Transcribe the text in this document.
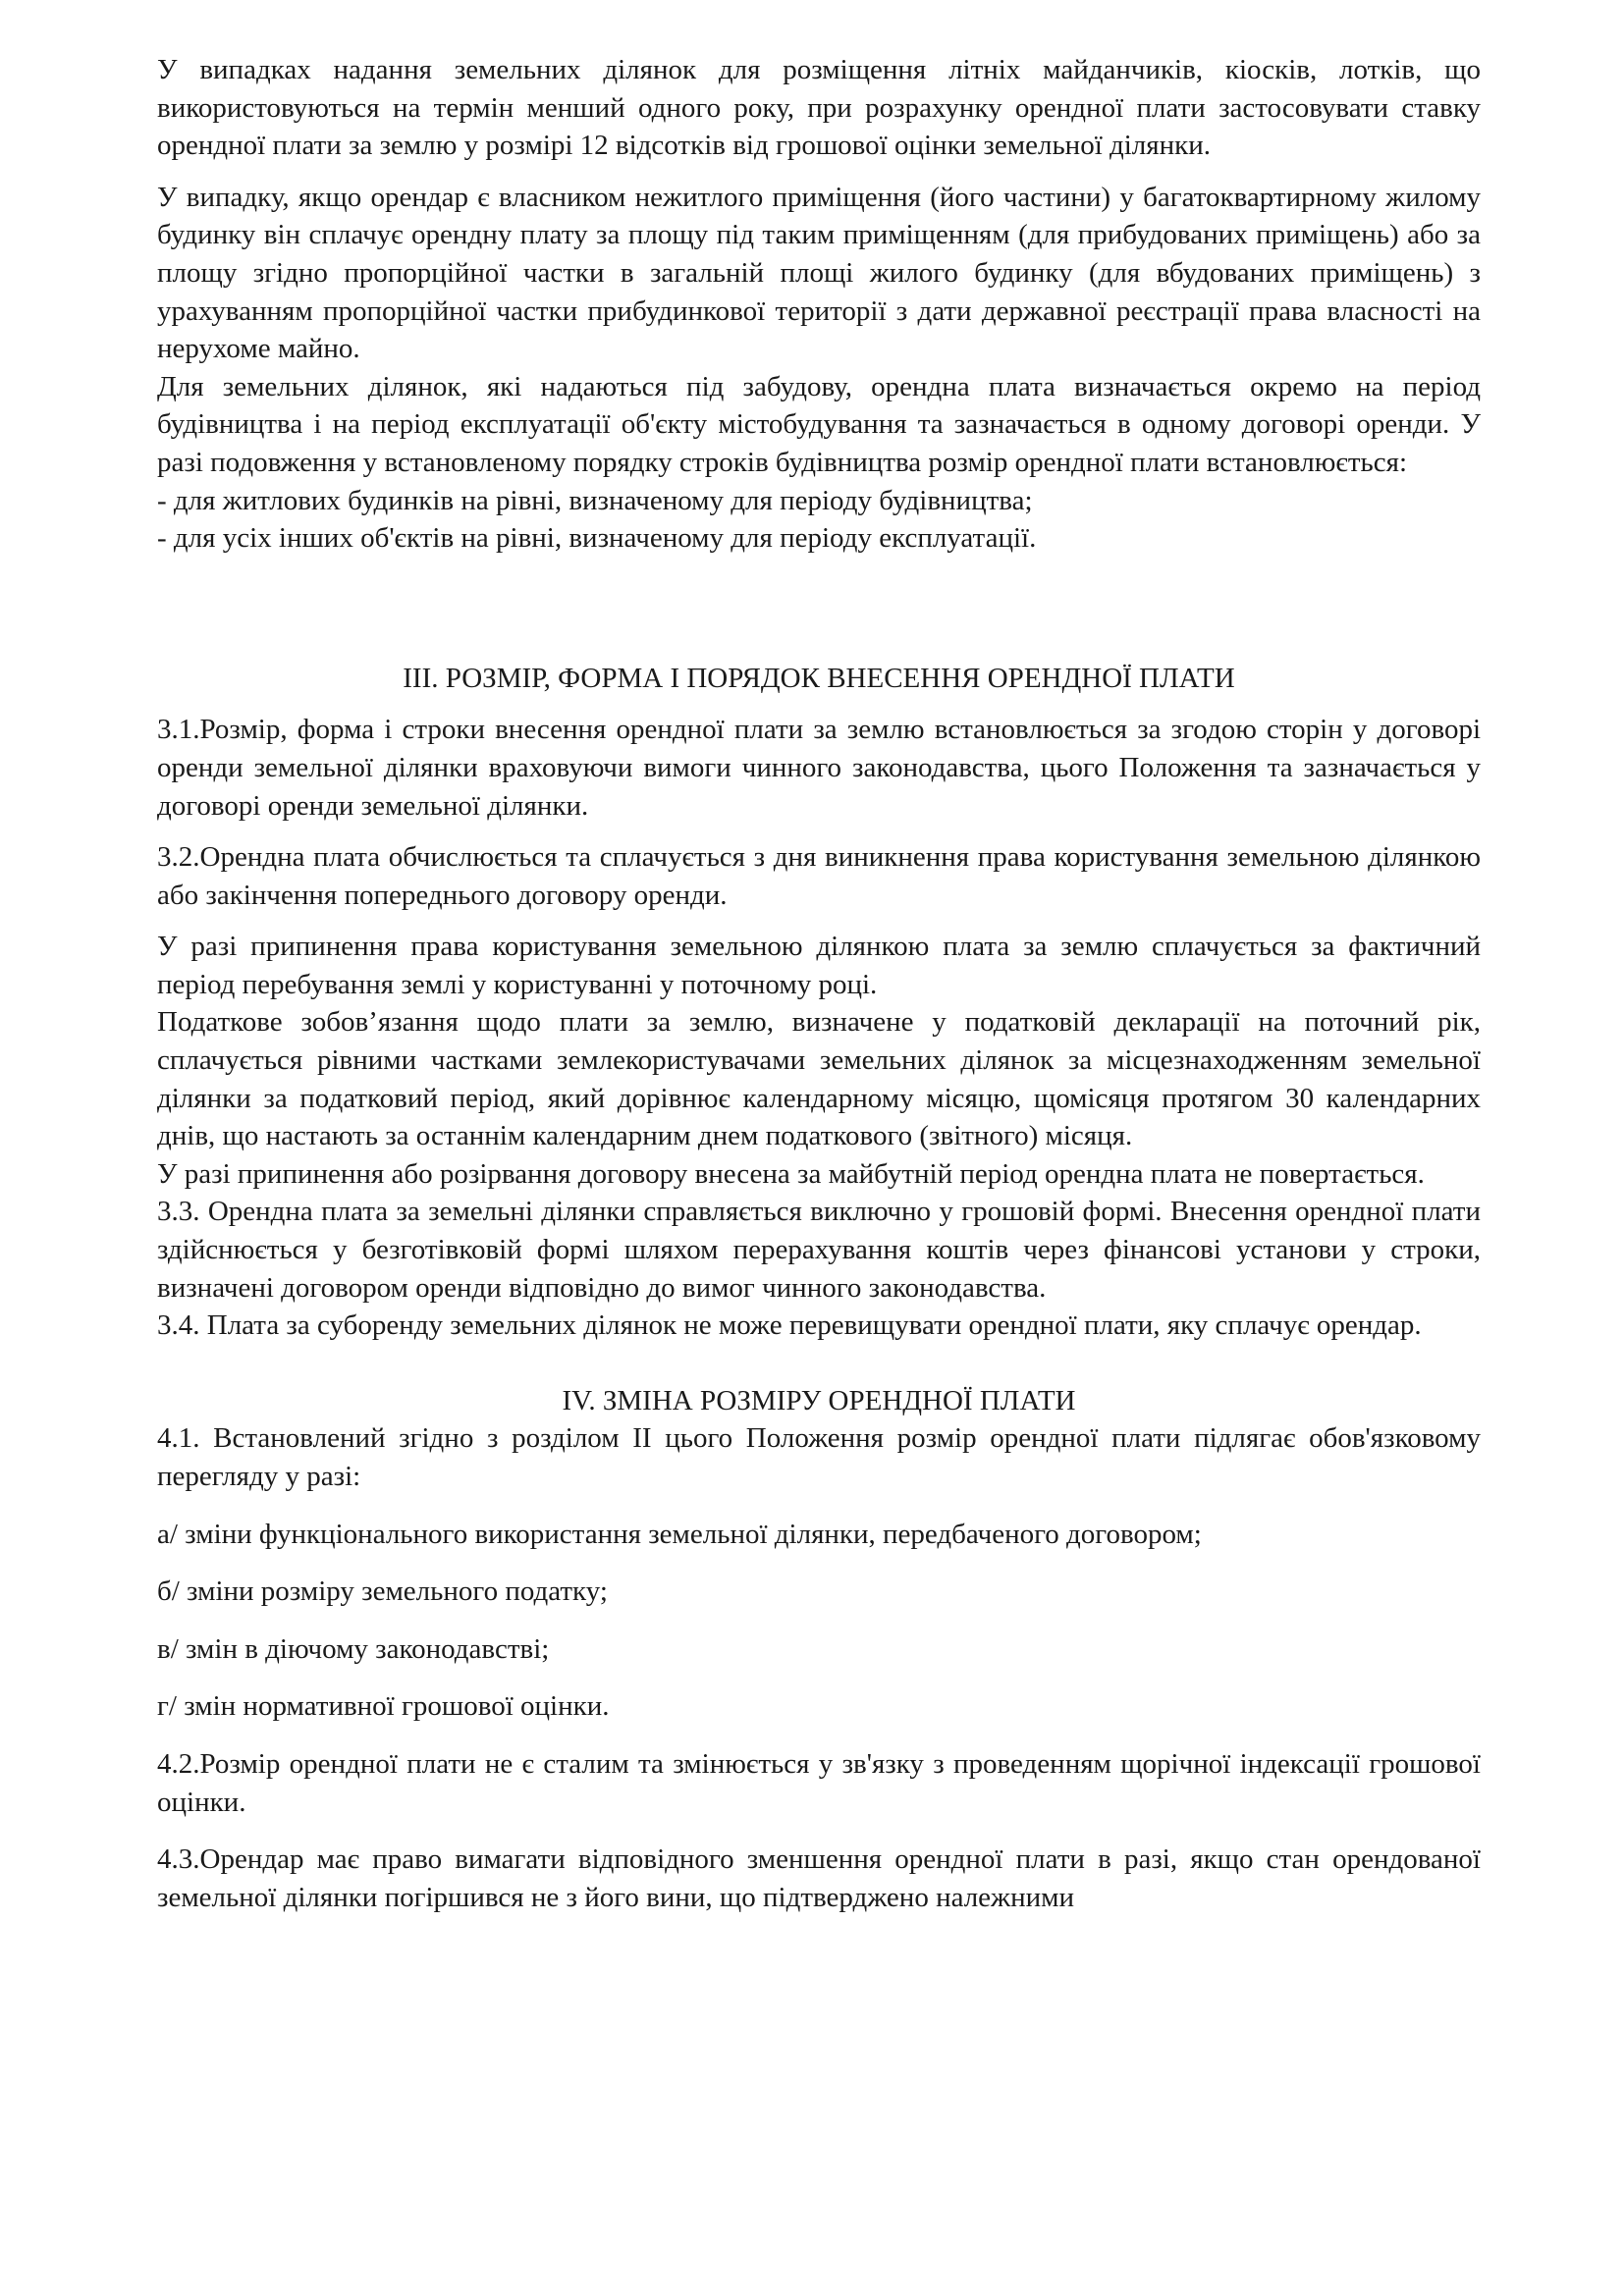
У випадках надання земельних ділянок для розміщення літніх майданчиків, кіосків, лотків, що використовуються на термін менший одного року, при розрахунку орендної плати застосовувати ставку орендної плати за землю у розмірі 12 відсотків від грошової оцінки земельної ділянки.

У випадку, якщо орендар є власником нежитлого приміщення (його частини) у багатоквартирному жилому будинку він сплачує орендну плату за площу під таким приміщенням (для прибудованих приміщень) або за площу згідно пропорційної частки в загальній площі жилого будинку (для вбудованих приміщень) з урахуванням пропорційної частки прибудинкової території з дати державної реєстрації права власності на нерухоме майно.

Для земельних ділянок, які надаються під забудову, орендна плата визначається окремо на період будівництва і на період експлуатації об'єкту містобудування та зазначається в одному договорі оренди. У разі подовження у встановленому порядку строків будівництва розмір орендної плати встановлюється:

- для житлових будинків на рівні, визначеному для періоду будівництва;

- для усіх інших об'єктів на рівні, визначеному для періоду експлуатації.

ІІІ. РОЗМІР, ФОРМА І ПОРЯДОК ВНЕСЕННЯ ОРЕНДНОЇ ПЛАТИ

3.1.Розмір, форма і строки внесення орендної плати за землю встановлюється за згодою сторін у договорі оренди земельної ділянки враховуючи вимоги чинного законодавства, цього Положення та зазначається у договорі оренди земельної ділянки.

3.2.Орендна плата обчислюється та сплачується з дня виникнення права користування земельною ділянкою або закінчення попереднього договору оренди.

У разі припинення права користування земельною ділянкою плата за землю сплачується за фактичний період перебування землі у користуванні у поточному році.

Податкове зобов’язання щодо плати за землю, визначене у податковій декларації на поточний рік, сплачується рівними частками землекористувачами земельних ділянок за місцезнаходженням земельної ділянки за податковий період, який дорівнює календарному місяцю, щомісяця протягом 30 календарних днів, що настають за останнім календарним днем податкового (звітного) місяця.

У разі припинення або розірвання договору внесена за майбутній період орендна плата не повертається.

3.3. Орендна плата за земельні ділянки справляється виключно у грошовій формі. Внесення орендної плати здійснюється у безготівковій формі шляхом перерахування коштів через фінансові установи у строки, визначені договором оренди відповідно до вимог чинного законодавства.

3.4. Плата за суборенду земельних ділянок не може перевищувати орендної плати, яку сплачує орендар.

IV. ЗМІНА РОЗМІРУ ОРЕНДНОЇ ПЛАТИ

4.1. Встановлений згідно з розділом ІІ цього Положення розмір орендної плати підлягає обов'язковому перегляду у разі:

а/ зміни функціонального використання земельної ділянки, передбаченого договором;

б/ зміни розміру земельного податку;

в/ змін в діючому законодавстві;

г/ змін нормативної грошової оцінки.

4.2.Розмір орендної плати не є сталим та змінюється у зв'язку з проведенням щорічної індексації грошової оцінки.

4.3.Орендар має право вимагати відповідного зменшення орендної плати в разі, якщо стан орендованої земельної ділянки погіршився не з його вини, що підтверджено належними
